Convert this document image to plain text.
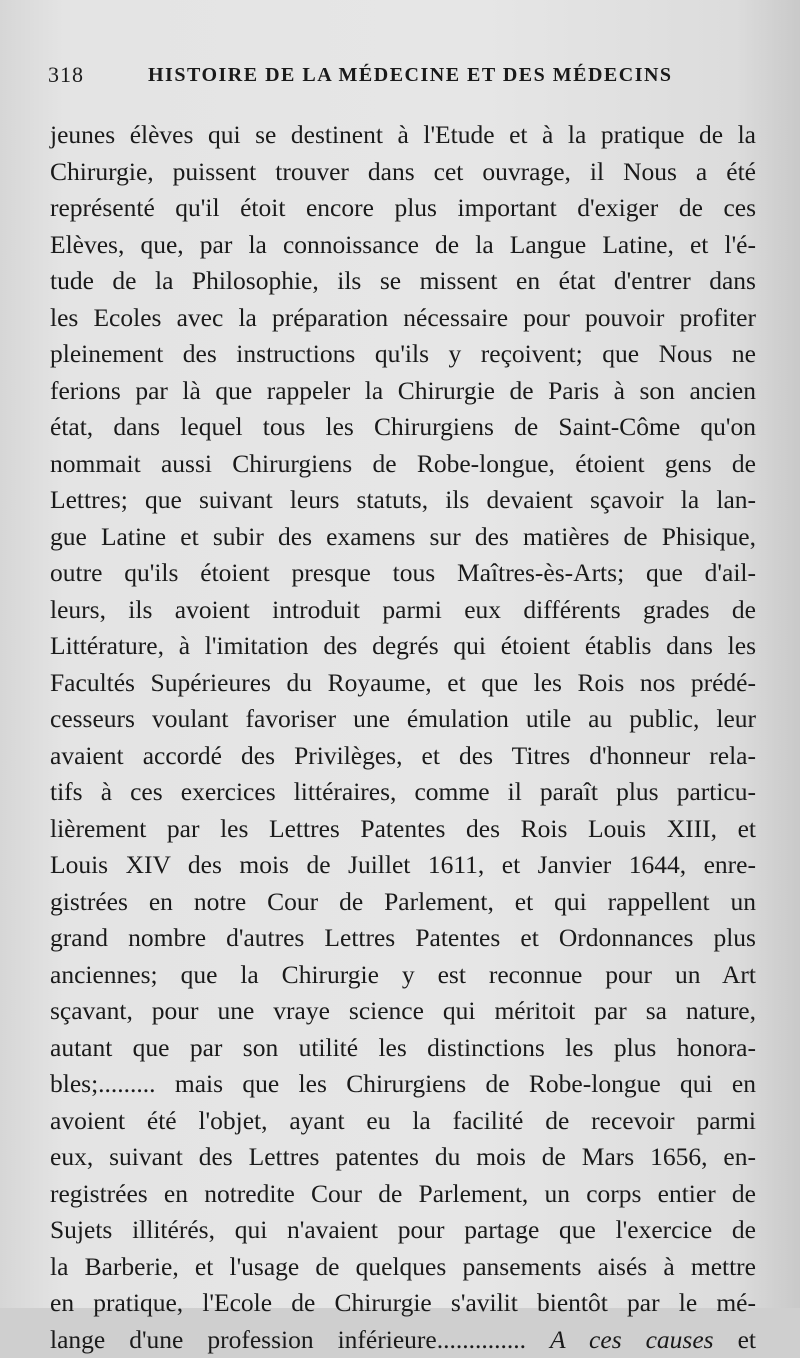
318	HISTOIRE DE LA MÉDECINE ET DES MÉDECINS
jeunes élèves qui se destinent à l'Etude et à la pratique de la
Chirurgie, puissent trouver dans cet ouvrage, il Nous a été
représenté qu'il étoit encore plus important d'exiger de ces
Elèves, que, par la connoissance de la Langue Latine, et l'é-
tude de la Philosophie, ils se missent en état d'entrer dans
les Ecoles avec la préparation nécessaire pour pouvoir profiter
pleinement des instructions qu'ils y reçoivent; que Nous ne
ferions par là que rappeler la Chirurgie de Paris à son ancien
état, dans lequel tous les Chirurgiens de Saint-Côme qu'on
nommait aussi Chirurgiens de Robe-longue, étoient gens de
Lettres; que suivant leurs statuts, ils devaient sçavoir la lan-
gue Latine et subir des examens sur des matières de Phisique,
outre qu'ils étoient presque tous Maîtres-ès-Arts; que d'ail-
leurs, ils avoient introduit parmi eux différents grades de
Littérature, à l'imitation des degrés qui étoient établis dans les
Facultés Supérieures du Royaume, et que les Rois nos prédé-
cesseurs voulant favoriser une émulation utile au public, leur
avaient accordé des Privilèges, et des Titres d'honneur rela-
tifs à ces exercices littéraires, comme il paraît plus particu-
lièrement par les Lettres Patentes des Rois Louis XIII, et
Louis XIV des mois de Juillet 1611, et Janvier 1644, enre-
gistrées en notre Cour de Parlement, et qui rappellent un
grand nombre d'autres Lettres Patentes et Ordonnances plus
anciennes; que la Chirurgie y est reconnue pour un Art
sçavant, pour une vraye science qui méritoit par sa nature,
autant que par son utilité les distinctions les plus honora-
bles;......... mais que les Chirurgiens de Robe-longue qui en
avoient été l'objet, ayant eu la facilité de recevoir parmi
eux, suivant des Lettres patentes du mois de Mars 1656, en-
registrées en notredite Cour de Parlement, un corps entier de
Sujets illitérés, qui n'avaient pour partage que l'exercice de
la Barberie, et l'usage de quelques pansements aisés à mettre
en pratique, l'Ecole de Chirurgie s'avilit bientôt par le mé-
lange d'une profession inférieure.............. A ces causes et
